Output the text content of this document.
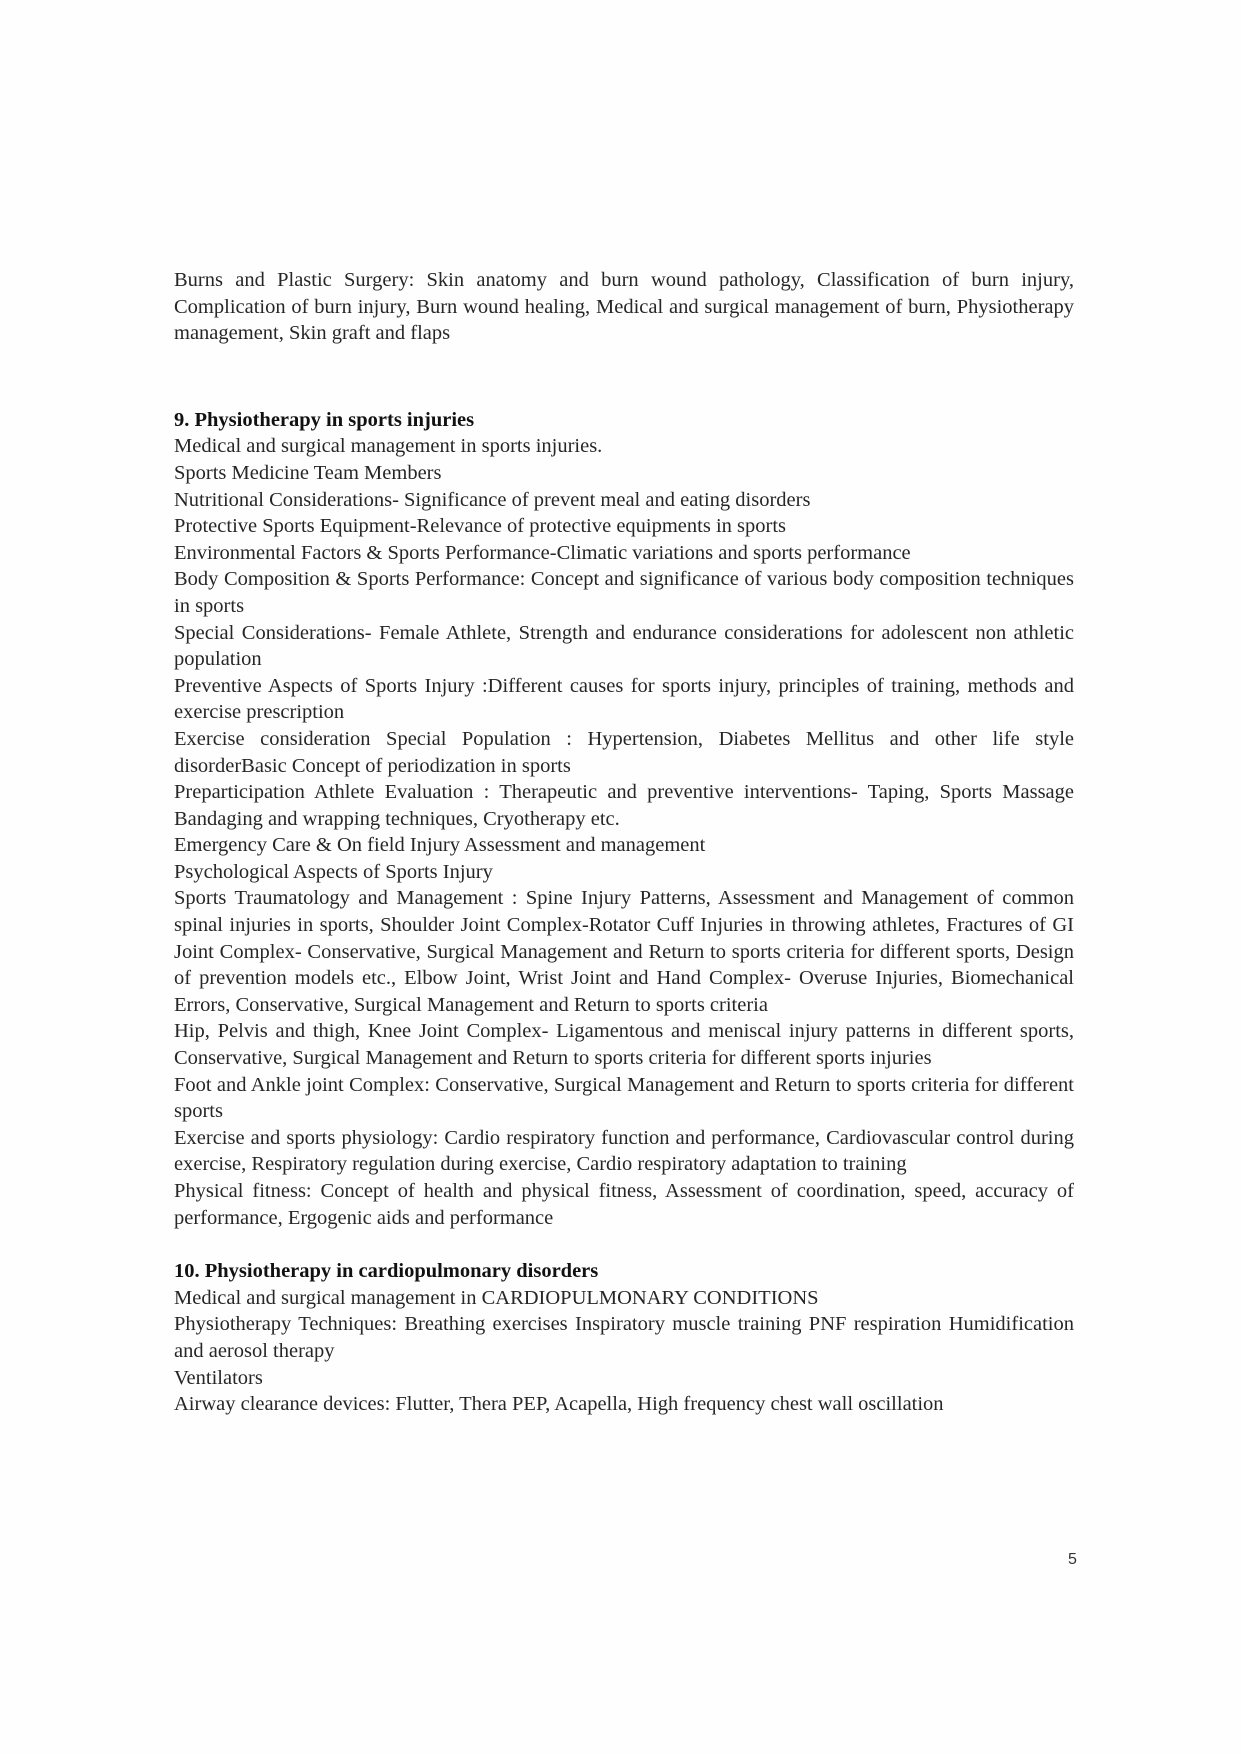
Burns and Plastic Surgery: Skin anatomy and burn wound pathology, Classification of burn injury, Complication of burn injury, Burn wound healing, Medical and surgical management of burn, Physiotherapy management, Skin graft and flaps

9. Physiotherapy in sports injuries

Medical and surgical management in sports injuries.

Sports Medicine Team Members

Nutritional Considerations- Significance of prevent meal and eating disorders

Protective Sports Equipment-Relevance of protective equipments in sports

Environmental Factors & Sports Performance-Climatic variations and sports performance

Body Composition & Sports Performance: Concept and significance of various body composition techniques in sports

Special Considerations- Female Athlete, Strength and endurance considerations for adolescent non athletic population

Preventive Aspects of Sports Injury :Different causes for sports injury, principles of training, methods and exercise prescription

Exercise consideration Special Population : Hypertension, Diabetes Mellitus and other life style disorderBasic Concept of periodization in sports

Preparticipation Athlete Evaluation : Therapeutic and preventive interventions- Taping, Sports Massage Bandaging and wrapping techniques, Cryotherapy etc.

Emergency Care & On field Injury Assessment and management

Psychological Aspects of Sports Injury

Sports Traumatology and Management : Spine Injury Patterns, Assessment and Management of common spinal injuries in sports, Shoulder Joint Complex-Rotator Cuff Injuries in throwing athletes, Fractures of GI Joint Complex- Conservative, Surgical Management and Return to sports criteria for different sports, Design of prevention models etc., Elbow Joint, Wrist Joint and Hand Complex- Overuse Injuries, Biomechanical Errors, Conservative, Surgical Management and Return to sports criteria

Hip, Pelvis and thigh, Knee Joint Complex- Ligamentous and meniscal injury patterns in different sports, Conservative, Surgical Management and Return to sports criteria for different sports injuries

Foot and Ankle joint Complex: Conservative, Surgical Management and Return to sports criteria for different sports

Exercise and sports physiology: Cardio respiratory function and performance, Cardiovascular control during exercise, Respiratory regulation during exercise, Cardio respiratory adaptation to training

Physical fitness: Concept of health and physical fitness, Assessment of coordination, speed, accuracy of performance, Ergogenic aids and performance

10. Physiotherapy in cardiopulmonary disorders

Medical and surgical management in CARDIOPULMONARY CONDITIONS

Physiotherapy Techniques: Breathing exercises Inspiratory muscle training PNF respiration Humidification and aerosol therapy

Ventilators

Airway clearance devices: Flutter, Thera PEP, Acapella, High frequency chest wall oscillation

5
